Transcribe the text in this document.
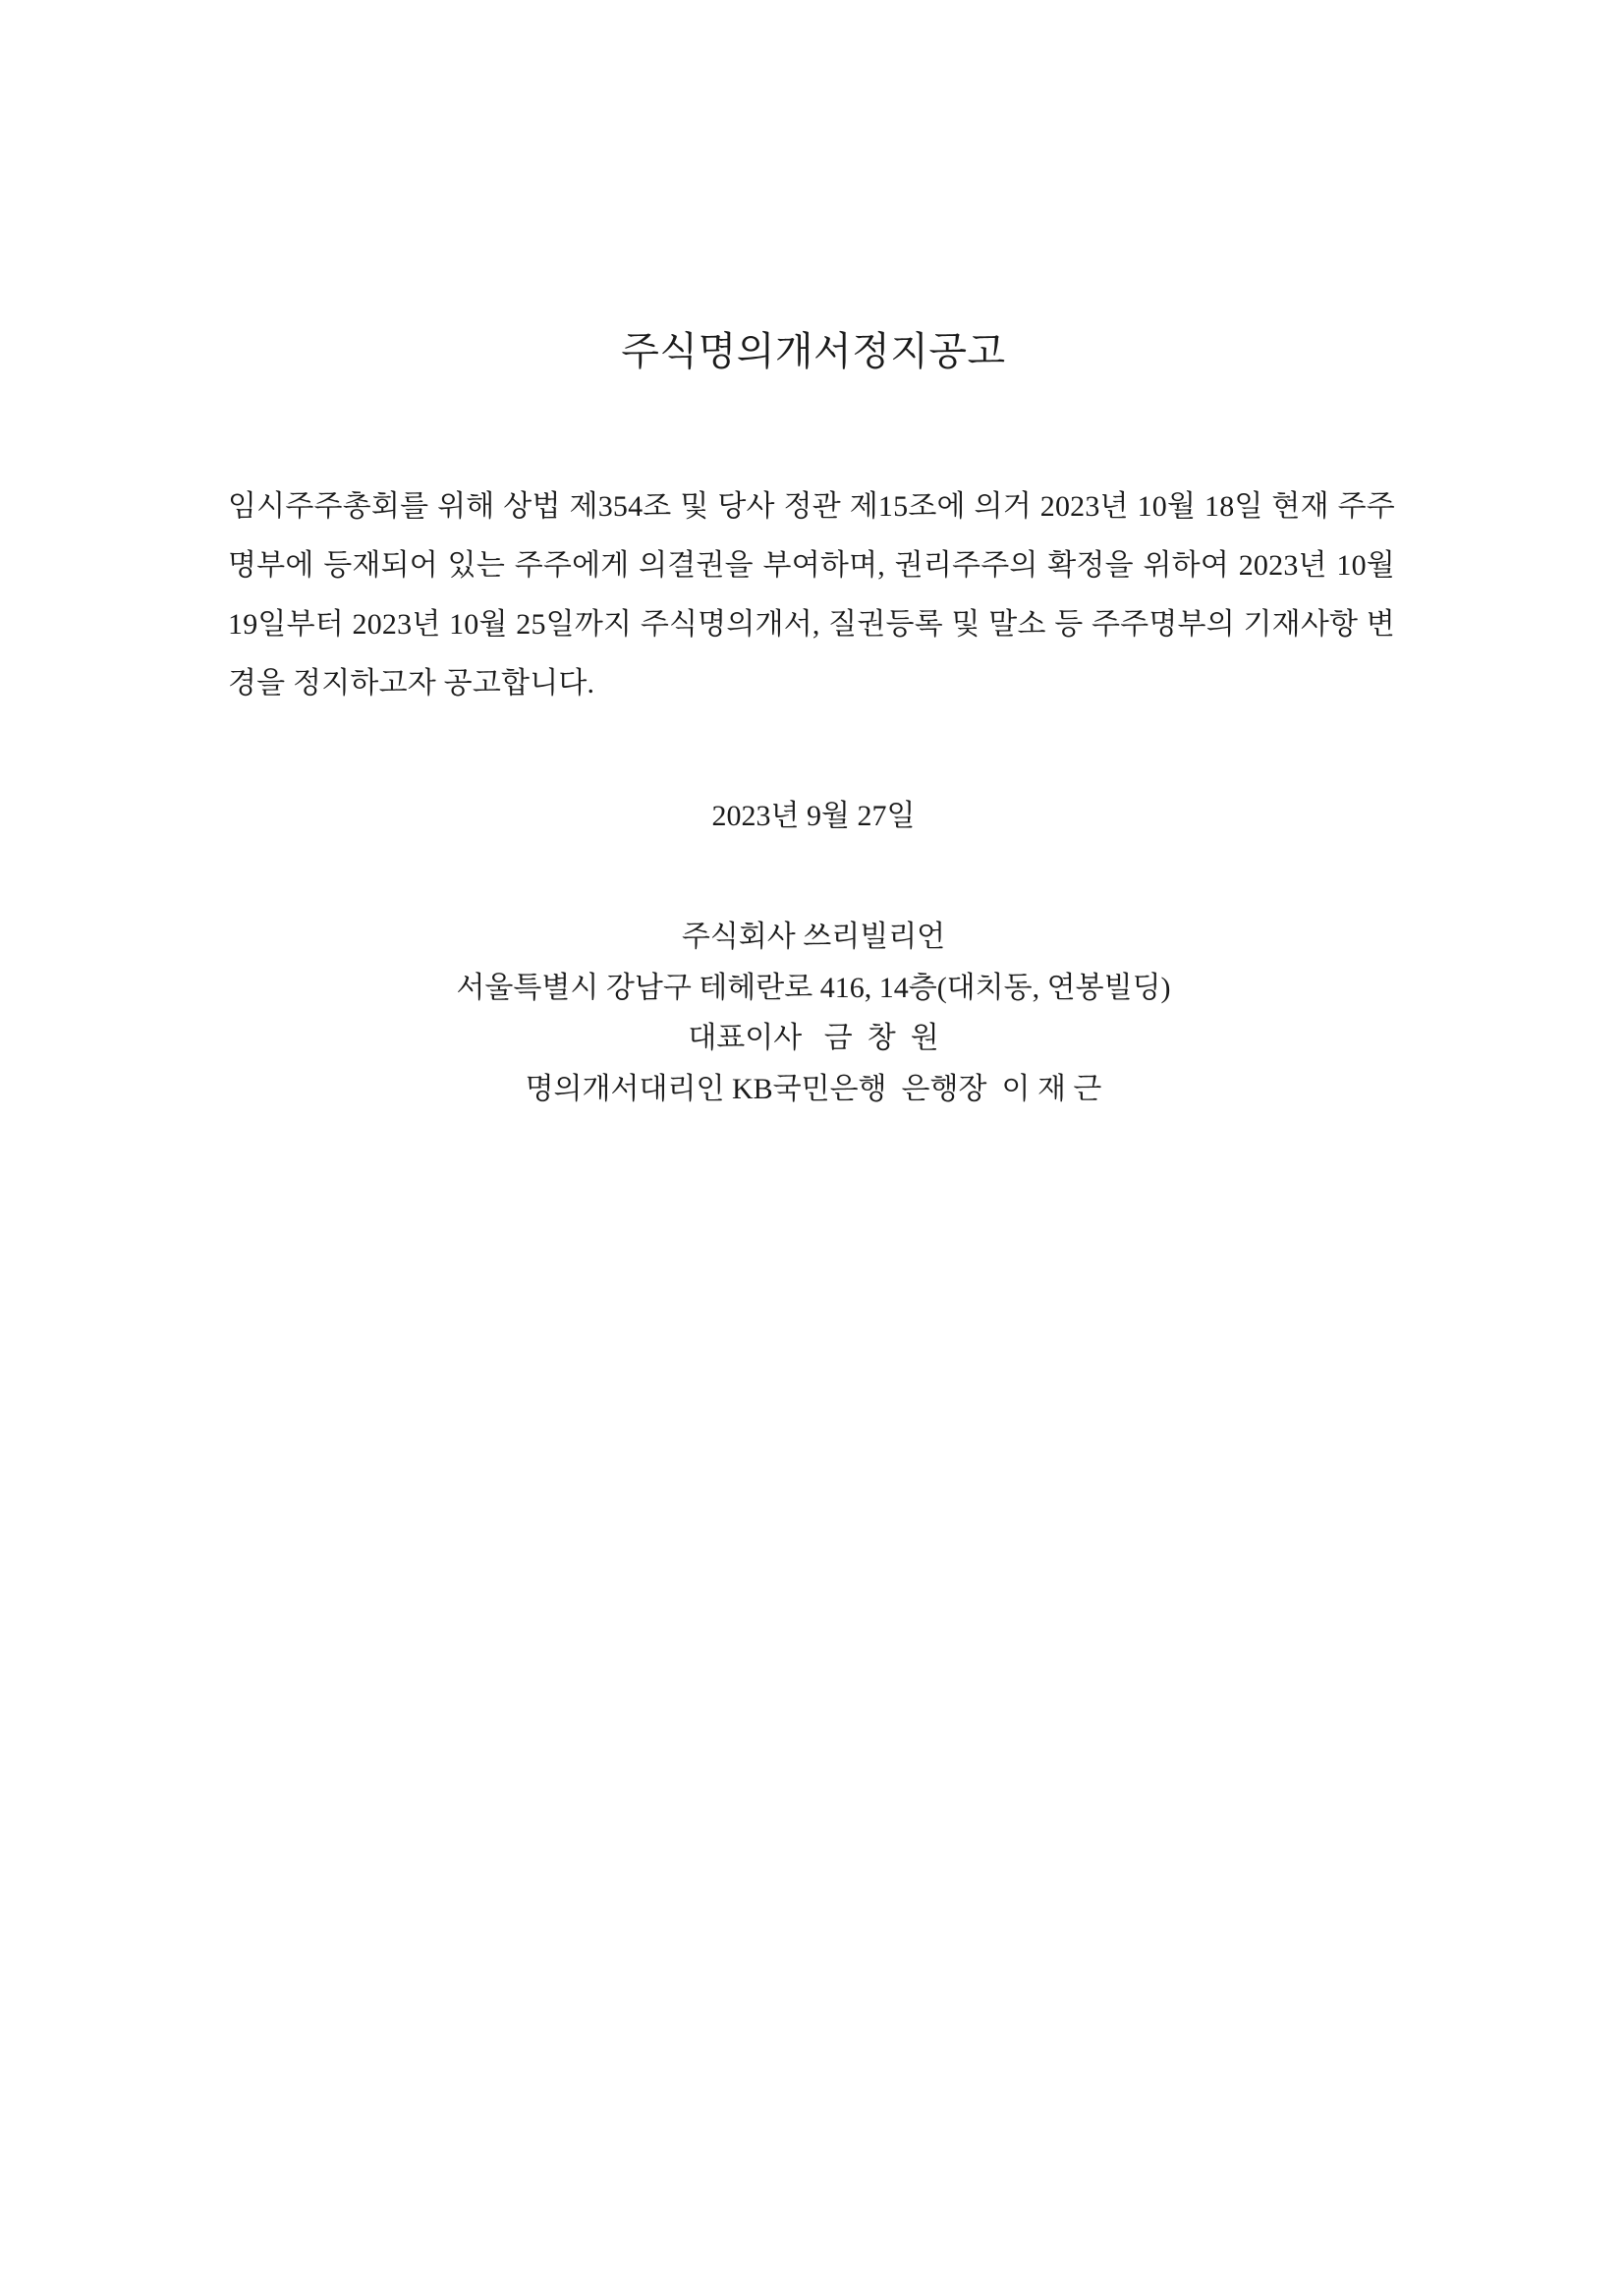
주식명의개서정지공고

임시주주총회를 위해 상법 제354조 및 당사 정관 제15조에 의거 2023년 10월 18일 현재 주주명부에 등재되어 있는 주주에게 의결권을 부여하며, 권리주주의 확정을 위하여 2023년 10월 19일부터 2023년 10월 25일까지 주식명의개서, 질권등록 및 말소 등 주주명부의 기재사항 변경을 정지하고자 공고합니다.

2023년 9월 27일
주식회사 쓰리빌리언
서울특별시 강남구 테헤란로 416, 14층(대치동, 연봉빌딩)
대표이사   금  창  원
명의개서대리인 KB국민은행  은행장  이 재 근
